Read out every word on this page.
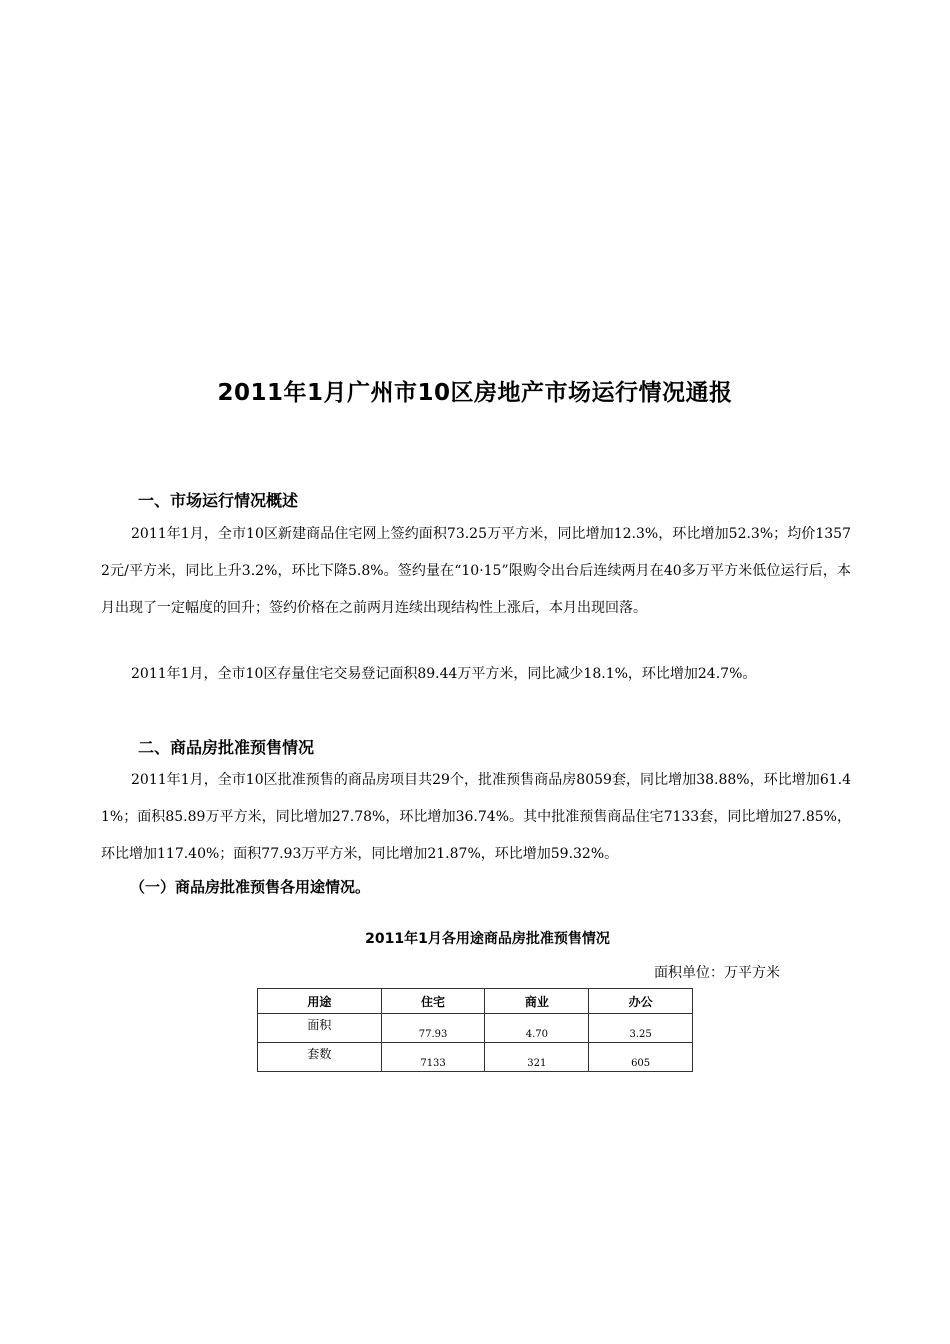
2011年1月广州市10区房地产市场运行情况通报
一、市场运行情况概述
2011年1月，全市10区新建商品住宅网上签约面积73.25万平方米，同比增加12.3%，环比增加52.3%；均价13572元/平方米，同比上升3.2%，环比下降5.8%。签约量在“10·15”限购令出台后连续两月在40多万平方米低位运行后，本月出现了一定幅度的回升；签约价格在之前两月连续出现结构性上涨后，本月出现回落。
2011年1月，全市10区存量住宅交易登记面积89.44万平方米，同比减少18.1%，环比增加24.7%。
二、商品房批准预售情况
2011年1月，全市10区批准预售的商品房项目共29个，批准预售商品房8059套，同比增加38.88%，环比增加61.41%；面积85.89万平方米，同比增加27.78%，环比增加36.74%。其中批准预售商品住宅7133套，同比增加27.85%，环比增加117.40%；面积77.93万平方米，同比增加21.87%，环比增加59.32%。
（一）商品房批准预售各用途情况。
2011年1月各用途商品房批准预售情况
面积单位：万平方米
用途	住宅	商业	办公
面积	77.93	4.70	3.25
套数	7133	321	605
